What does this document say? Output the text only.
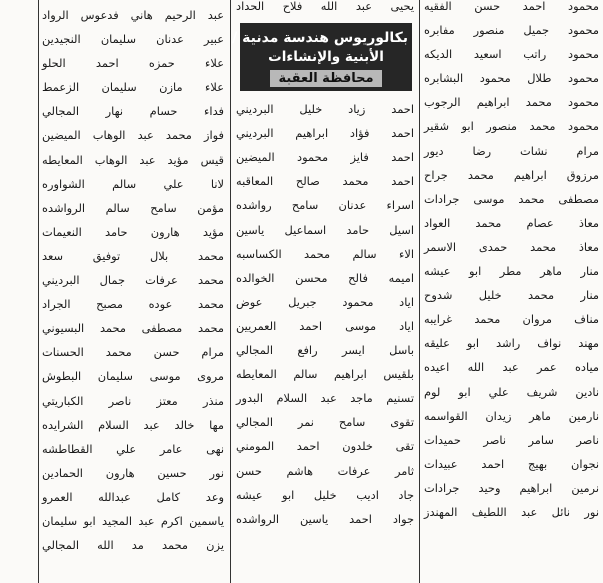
محمود احمد حسن الفقيه
محمود جميل منصور مفابره
محمود راتب اسعيد الديكه
محمود طلال محمود البشابره
محمود محمد ابراهيم الرجوب
محمود محمد منصور ابو شقير
مرام نشات رضا ديور
مرزوق ابراهيم محمد جراح
مصطفى محمد موسى جرادات
معاذ عصام محمد العواد
معاذ محمد حمدى الاسمر
منار ماهر مطر ابو عيشه
منار محمد خليل شدوح
مناف مروان محمد غرايبه
مهند نواف راشد ابو عليقه
مياده عمر عبد الله اعيده
نادين شريف علي ابو لوم
نارمين ماهر زيدان القواسمه
ناصر سامر ناصر حميدات
نجوان بهيج احمد عبيدات
نرمين ابراهيم وحيد جرادات
نور نائل عبد اللطيف المهندز
يحيى عبد الله فلاح الحداد
بكالوريوس هندسة مدنية /
الأبنية والإنشاءات
محافظة العقبة
احمد زياد خليل البرديني
احمد فؤاد ابراهيم البرديني
احمد فايز محمود الميضين
احمد محمد صالح المعاقبه
اسراء عدنان سامح رواشده
اسيل حامد اسماعيل ياسين
الاء سالم محمد الكساسبه
اميمه فالح محسن الخوالده
اياد محمود جبريل عوض
اياد موسى احمد العمريين
باسل ايسر رافع المجالي
بلقيس ابراهيم سالم المعايطه
تسنيم ماجد عبد السلام البدور
تقوى سامح نمر المجالي
تقى خلدون احمد المومني
ثامر عرفات هاشم حسن
جاد اديب خليل ابو عيشه
جواد احمد ياسين الرواشده
عبد الرحيم هاني فدعوس الرواد
عبير عدنان سليمان النجيدين
علاء حمزه احمد الحلو
علاء مازن سليمان الزعمط
فداء حسام نهار المجالي
فواز محمد عبد الوهاب الميضين
قيس مؤيد عبد الوهاب المعايطه
لانا علي سالم الشواوره
مؤمن سامح سالم الرواشده
مؤيد هارون حامد النعيمات
محمد بلال توفيق سعد
محمد عرفات جمال البرديني
محمد عوده مصبح الجراد
محمد مصطفى محمد البسيوني
مرام حسن محمد الحسنات
مروى موسى سليمان البطوش
منذر معتز ناصر الكباريتي
مها خالد عبد السلام الشرايده
نهى عامر علي القطاطشه
نور حسين هارون الحمادين
وعد كامل عبدالله العمرو
ياسمين اكرم عبد المجيد ابو سليمان
يزن محمد مد الله المجالي
